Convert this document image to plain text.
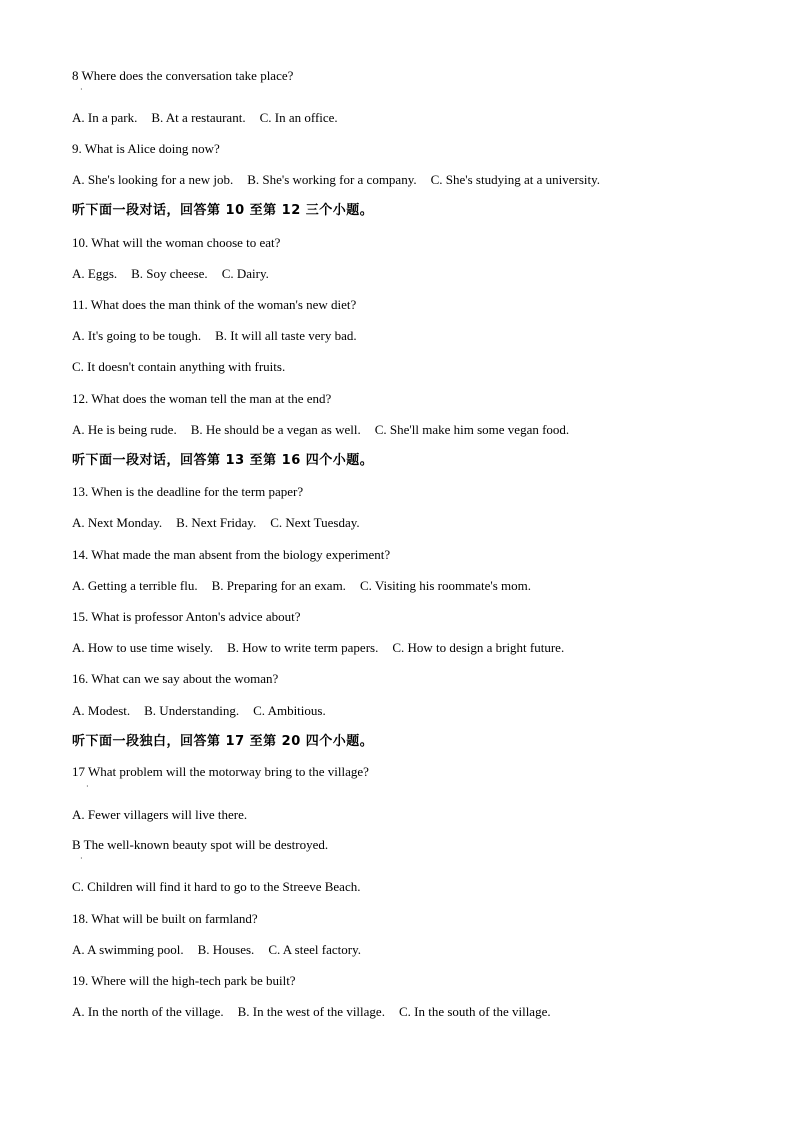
8 Where does the conversation take place?
·
A. In a park. B. At a restaurant. C. In an office.
9. What is Alice doing now?
A. She's looking for a new job. B. She's working for a company. C. She's studying at a university.
听下面一段对话，回答第 10 至第 12 三个小题。
10. What will the woman choose to eat?
A. Eggs. B. Soy cheese. C. Dairy.
11. What does the man think of the woman's new diet?
A. It's going to be tough. B. It will all taste very bad.
C. It doesn't contain anything with fruits.
12. What does the woman tell the man at the end?
A. He is being rude. B. He should be a vegan as well. C. She'll make him some vegan food.
听下面一段对话，回答第 13 至第 16 四个小题。
13. When is the deadline for the term paper?
A. Next Monday. B. Next Friday. C. Next Tuesday.
14. What made the man absent from the biology experiment?
A. Getting a terrible flu. B. Preparing for an exam. C. Visiting his roommate's mom.
15. What is professor Anton's advice about?
A. How to use time wisely. B. How to write term papers. C. How to design a bright future.
16. What can we say about the woman?
A. Modest. B. Understanding. C. Ambitious.
听下面一段独白，回答第 17 至第 20 四个小题。
17 What problem will the motorway bring to the village?
·
A. Fewer villagers will live there.
B The well-known beauty spot will be destroyed.
·
C. Children will find it hard to go to the Streeve Beach.
18. What will be built on farmland?
A. A swimming pool. B. Houses. C. A steel factory.
19. Where will the high-tech park be built?
A. In the north of the village. B. In the west of the village. C. In the south of the village.
